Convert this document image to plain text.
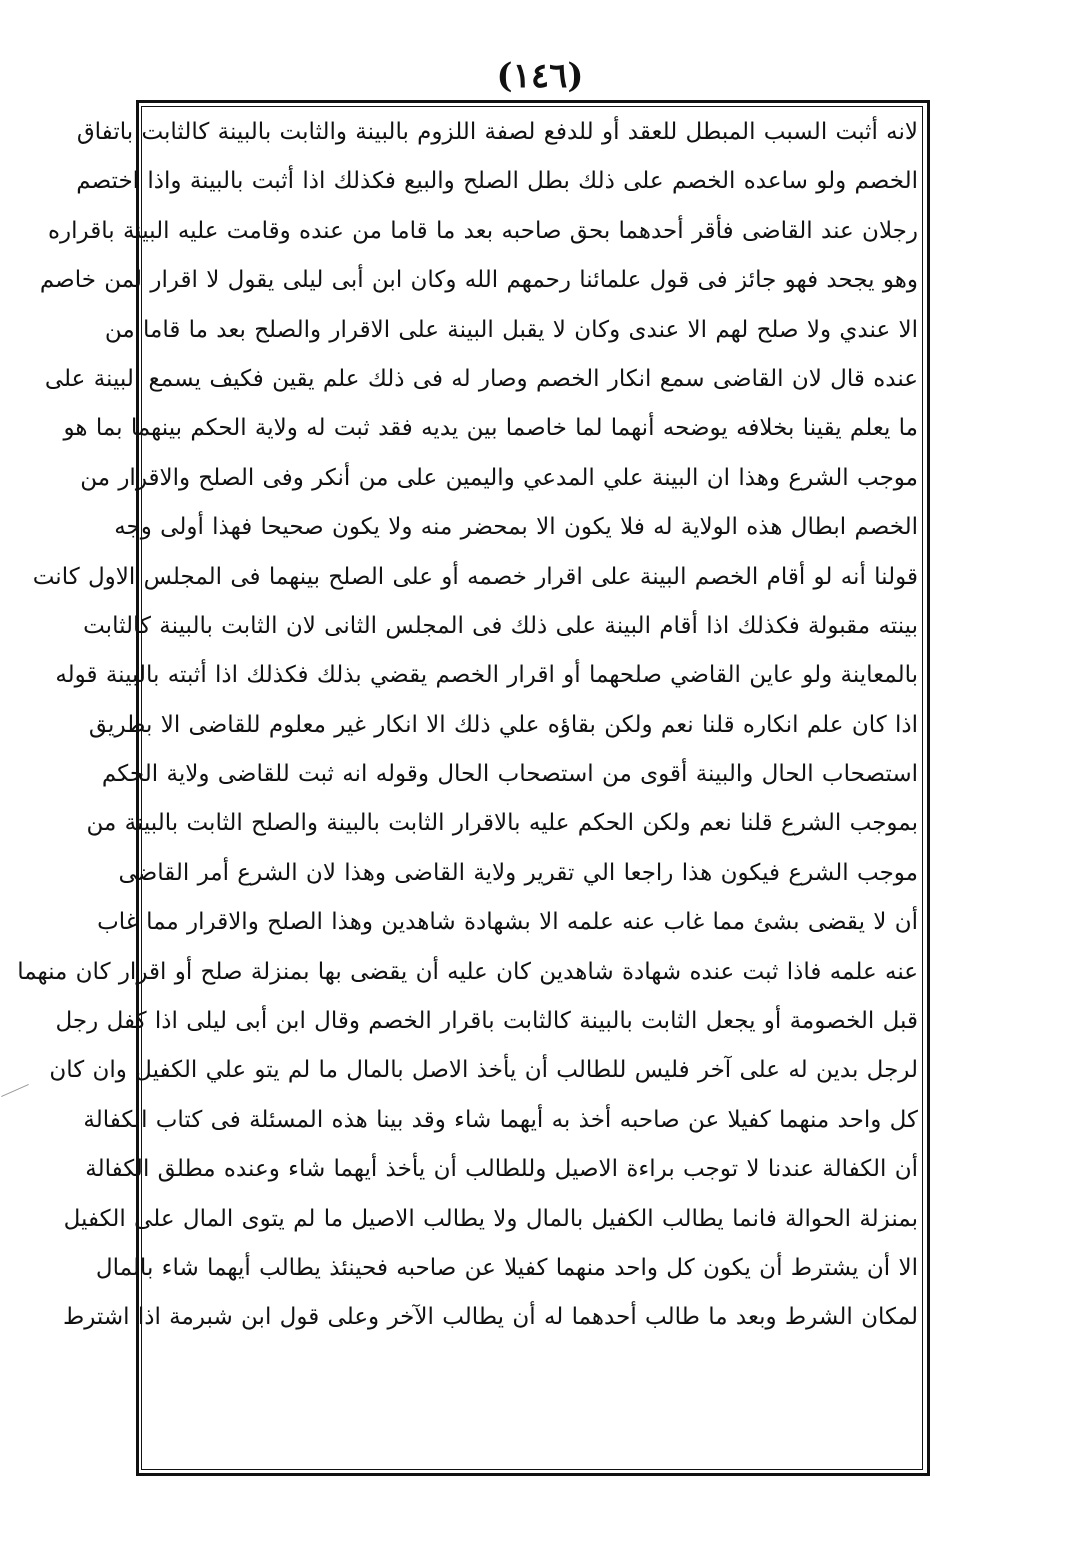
(١٤٦)
لانه أثبت السبب المبطل للعقد أو للدفع لصفة اللزوم بالبينة والثابت بالبينة كالثابت باتفاق
الخصم ولو ساعده الخصم على ذلك بطل الصلح والبيع فكذلك اذا أثبت بالبينة واذا اختصم
رجلان عند القاضى فأقر أحدهما بحق صاحبه بعد ما قاما من عنده وقامت عليه البينة باقراره
وهو يجحد فهو جائز فى قول علمائنا رحمهم الله وكان ابن أبى ليلى يقول لا اقرار لمن خاصم
الا عندي ولا صلح لهم الا عندى وكان لا يقبل البينة على الاقرار والصلح بعد ما قاما من
عنده قال لان القاضى سمع انكار الخصم وصار له فى ذلك علم يقين فكيف يسمع البينة على
ما يعلم يقينا بخلافه يوضحه أنهما لما خاصما بين يديه فقد ثبت له ولاية الحكم بينهما بما هو
موجب الشرع وهذا ان البينة علي المدعي واليمين على من أنكر وفى الصلح والاقرار من
الخصم ابطال هذه الولاية له فلا يكون الا بمحضر منه ولا يكون صحيحا فهذا أولى وجه
قولنا أنه لو أقام الخصم البينة على اقرار خصمه أو على الصلح بينهما فى المجلس الاول كانت
بينته مقبولة فكذلك اذا أقام البينة على ذلك فى المجلس الثانى لان الثابت بالبينة كالثابت
بالمعاينة ولو عاين القاضي صلحهما أو اقرار الخصم يقضي بذلك فكذلك اذا أثبته بالبينة قوله
اذا كان علم انكاره قلنا نعم ولكن بقاؤه علي ذلك الا انكار غير معلوم للقاضى الا بطريق
استصحاب الحال والبينة أقوى من استصحاب الحال وقوله انه ثبت للقاضى ولاية الحكم
بموجب الشرع قلنا نعم ولكن الحكم عليه بالاقرار الثابت بالبينة والصلح الثابت بالبينة من
موجب الشرع فيكون هذا راجعا الي تقرير ولاية القاضى وهذا لان الشرع أمر القاضى
أن لا يقضى بشئ مما غاب عنه علمه الا بشهادة شاهدين وهذا الصلح والاقرار مما غاب
عنه علمه فاذا ثبت عنده شهادة شاهدين كان عليه أن يقضى بها بمنزلة صلح أو اقرار كان منهما
قبل الخصومة أو يجعل الثابت بالبينة كالثابت باقرار الخصم وقال ابن أبى ليلى اذا كفل رجل
لرجل بدين له على آخر فليس للطالب أن يأخذ الاصل بالمال ما لم يتو علي الكفيل وان كان
كل واحد منهما كفيلا عن صاحبه أخذ به أيهما شاء وقد بينا هذه المسئلة فى كتاب الكفالة
أن الكفالة عندنا لا توجب براءة الاصيل وللطالب أن يأخذ أيهما شاء وعنده مطلق الكفالة
بمنزلة الحوالة فانما يطالب الكفيل بالمال ولا يطالب الاصيل ما لم يتوى المال على الكفيل
الا أن يشترط أن يكون كل واحد منهما كفيلا عن صاحبه فحينئذ يطالب أيهما شاء بالمال
لمكان الشرط وبعد ما طالب أحدهما له أن يطالب الآخر وعلى قول ابن شبرمة اذا اشترط
